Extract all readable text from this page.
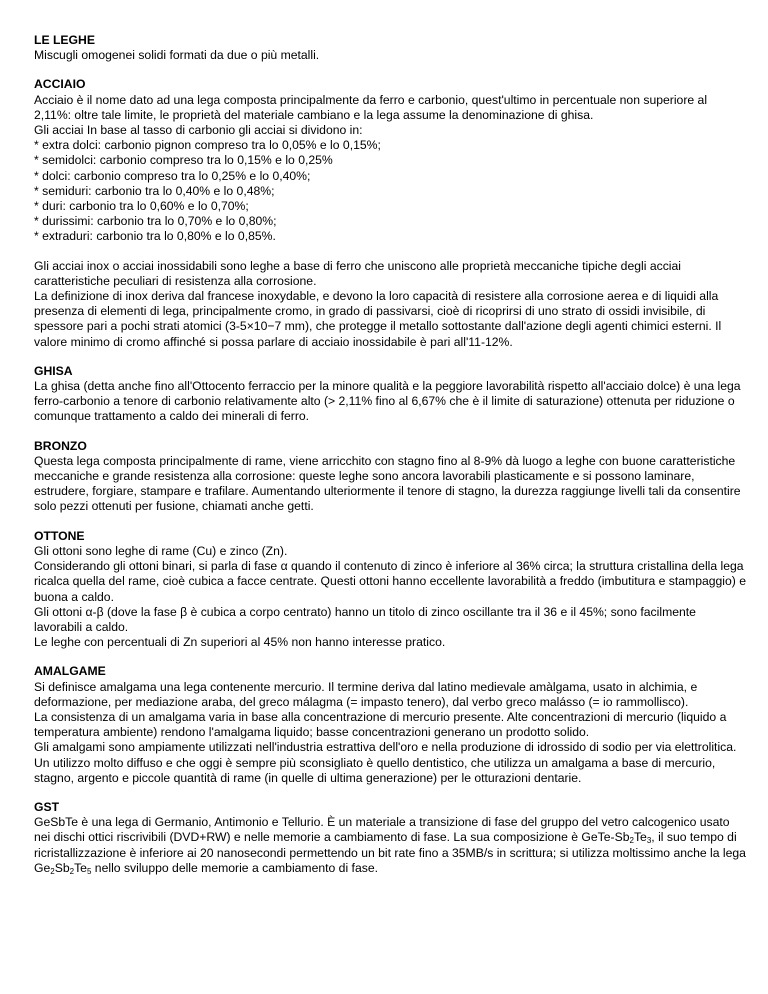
LE LEGHE
Miscugli omogenei solidi formati da due o più metalli.
ACCIAIO
Acciaio è il nome dato ad una lega composta principalmente da ferro e carbonio, quest'ultimo in percentuale non superiore al 2,11%: oltre tale limite, le proprietà del materiale cambiano e la lega assume la denominazione di ghisa.
Gli acciai In base al tasso di carbonio gli acciai si dividono in:
* extra dolci: carbonio pignon compreso tra lo 0,05% e lo 0,15%;
* semidolci: carbonio compreso tra lo 0,15% e lo 0,25%
* dolci: carbonio compreso tra lo 0,25% e lo 0,40%;
* semiduri: carbonio tra lo 0,40% e lo 0,48%;
* duri: carbonio tra lo 0,60% e lo 0,70%;
* durissimi: carbonio tra lo 0,70% e lo 0,80%;
* extraduri: carbonio tra lo 0,80% e lo 0,85%.
Gli acciai inox o acciai inossidabili sono leghe a base di ferro che uniscono alle proprietà meccaniche tipiche degli acciai caratteristiche peculiari di resistenza alla corrosione.
La definizione di inox deriva dal francese inoxydable, e devono la loro capacità di resistere alla corrosione aerea e di liquidi alla presenza di elementi di lega, principalmente cromo, in grado di passivarsi, cioè di ricoprirsi di uno strato di ossidi invisibile, di spessore pari a pochi strati atomici (3-5×10−7 mm), che protegge il metallo sottostante dall'azione degli agenti chimici esterni. Il valore minimo di cromo affinché si possa parlare di acciaio inossidabile è pari all'11-12%.
GHISA
La ghisa (detta anche fino all'Ottocento ferraccio per la minore qualità e la peggiore lavorabilità rispetto all'acciaio dolce) è una lega ferro-carbonio a tenore di carbonio relativamente alto (> 2,11% fino al 6,67% che è il limite di saturazione) ottenuta per riduzione o comunque trattamento a caldo dei minerali di ferro.
BRONZO
Questa lega composta principalmente di rame, viene arricchito con stagno fino al 8-9% dà luogo a leghe con buone caratteristiche meccaniche e grande resistenza alla corrosione: queste leghe sono ancora lavorabili plasticamente e si possono laminare, estrudere, forgiare, stampare e trafilare. Aumentando ulteriormente il tenore di stagno, la durezza raggiunge livelli tali da consentire solo pezzi ottenuti per fusione, chiamati anche getti.
OTTONE
Gli ottoni sono leghe di rame (Cu) e zinco (Zn).
Considerando gli ottoni binari, si parla di fase α quando il contenuto di zinco è inferiore al 36% circa; la struttura cristallina della lega ricalca quella del rame, cioè cubica a facce centrate. Questi ottoni hanno eccellente lavorabilità a freddo (imbutitura e stampaggio) e buona a caldo.
Gli ottoni α-β (dove la fase β è cubica a corpo centrato) hanno un titolo di zinco oscillante tra il 36 e il 45%; sono facilmente lavorabili a caldo.
Le leghe con percentuali di Zn superiori al 45% non hanno interesse pratico.
AMALGAME
Si definisce amalgama una lega contenente mercurio. Il termine deriva dal latino medievale amàlgama, usato in alchimia, e deformazione, per mediazione araba, del greco málagma (= impasto tenero), dal verbo greco malásso (= io rammollisco).
La consistenza di un amalgama varia in base alla concentrazione di mercurio presente. Alte concentrazioni di mercurio (liquido a temperatura ambiente) rendono l'amalgama liquido; basse concentrazioni generano un prodotto solido.
Gli amalgami sono ampiamente utilizzati nell'industria estrattiva dell'oro e nella produzione di idrossido di sodio per via elettrolitica. Un utilizzo molto diffuso e che oggi è sempre più sconsigliato è quello dentistico, che utilizza un amalgama a base di mercurio, stagno, argento e piccole quantità di rame (in quelle di ultima generazione) per le otturazioni dentarie.
GST
GeSbTe è una lega di Germanio, Antimonio e Tellurio. È un materiale a transizione di fase del gruppo del vetro calcogenico usato nei dischi ottici riscrivibili (DVD+RW) e nelle memorie a cambiamento di fase. La sua composizione è GeTe-$Sb_2Te_3$, il suo tempo di ricristallizzazione è inferiore ai 20 nanosecondi permettendo un bit rate fino a 35MB/s in scrittura; si utilizza moltissimo anche la lega $Ge_2Sb_2Te_5$ nello sviluppo delle memorie a cambiamento di fase.
